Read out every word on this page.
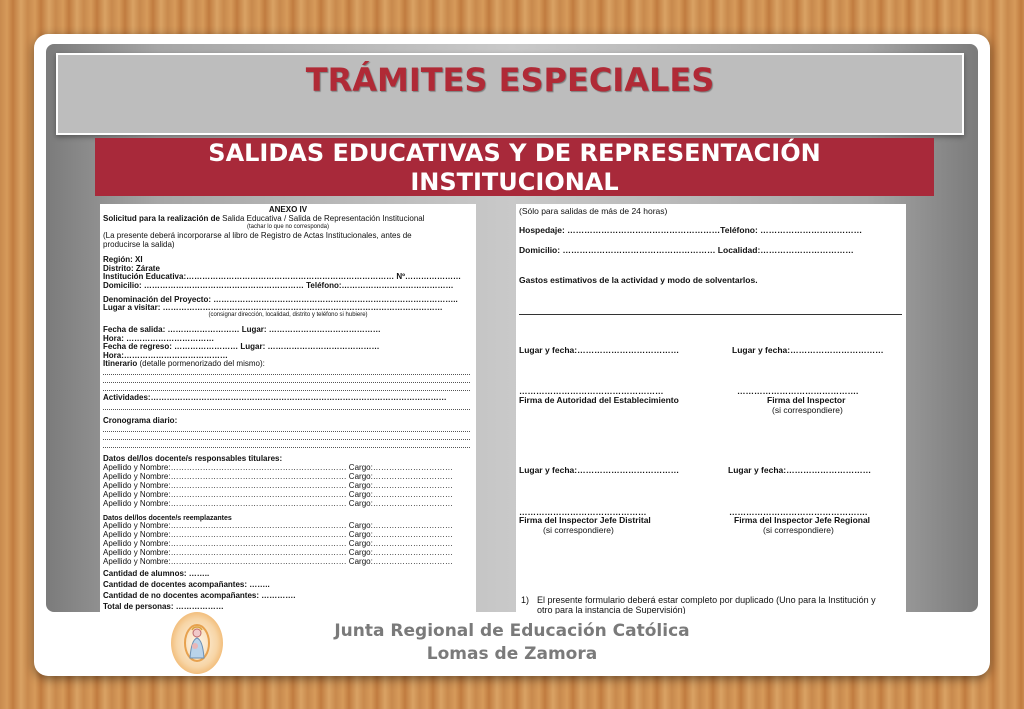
TRÁMITES ESPECIALES
SALIDAS EDUCATIVAS Y DE REPRESENTACIÓN
INSTITUCIONAL
ANEXO IV
Solicitud para la realización de Salida Educativa / Salida de Representación Institucional
(tachar lo que no corresponda)
(La presente deberá incorporarse al libro de Registro de Actas Institucionales, antes de
producirse la salida)
Región: XI
Distrito: Zárate
Institución Educativa:…………………………………………………………………… Nº…………………
Domicilio: …………………………………………………… Teléfono:……………………………………
Denominación del Proyecto: ………………………………………………………………………………..
Lugar a visitar: ……………………………………………………………………………………………
(consignar dirección, localidad, distrito y teléfono si hubiere)
Fecha de salida: ……………………… Lugar: ……………………………………
Hora: ……………………………
Fecha de regreso: …………………… Lugar: ……………………………………
Hora:…………………………………
Itinerario (detalle pormenorizado del mismo):
Actividades:…………………………………………………………………………………………………
Cronograma diario:
Datos del/los docente/s responsables titulares:
Apellido y Nombre:………………………………………………………… Cargo:…………………………
Apellido y Nombre:………………………………………………………… Cargo:…………………………
Apellido y Nombre:………………………………………………………… Cargo:…………………………
Apellido y Nombre:………………………………………………………… Cargo:…………………………
Apellido y Nombre:………………………………………………………… Cargo:…………………………
Datos del/los docente/s reemplazantes
Apellido y Nombre:………………………………………………………… Cargo:…………………………
Apellido y Nombre:………………………………………………………… Cargo:…………………………
Apellido y Nombre:………………………………………………………… Cargo:…………………………
Apellido y Nombre:………………………………………………………… Cargo:…………………………
Apellido y Nombre:………………………………………………………… Cargo:…………………………
Cantidad de alumnos: ……..
Cantidad de docentes acompañantes: ……..
Cantidad de no docentes acompañantes: ………….
Total de personas: ………………
(Sólo para salidas de más de 24 horas)
Hospedaje: ………………………………………………Teléfono: ………………………………
Domicilio: ……………………………………………… Localidad:……………………………
Gastos estimativos de la actividad y modo de solventarlos.
Lugar y fecha:………………………………	Lugar y fecha:……………………………
……………………………………………	…………………………………….
Firma de Autoridad del Establecimiento	Firma del Inspector
(si correspondiere)
Lugar y fecha:………………………………	Lugar y fecha:…………………………
………………………………………	………………………………………….
Firma del Inspector Jefe Distrital	Firma del Inspector Jefe Regional
(si correspondiere)	(si correspondiere)
1) El presente formulario deberá estar completo por duplicado (Uno para la Institución y
otro para la instancia de Supervisión)
Junta Regional de Educación Católica
Lomas de Zamora
